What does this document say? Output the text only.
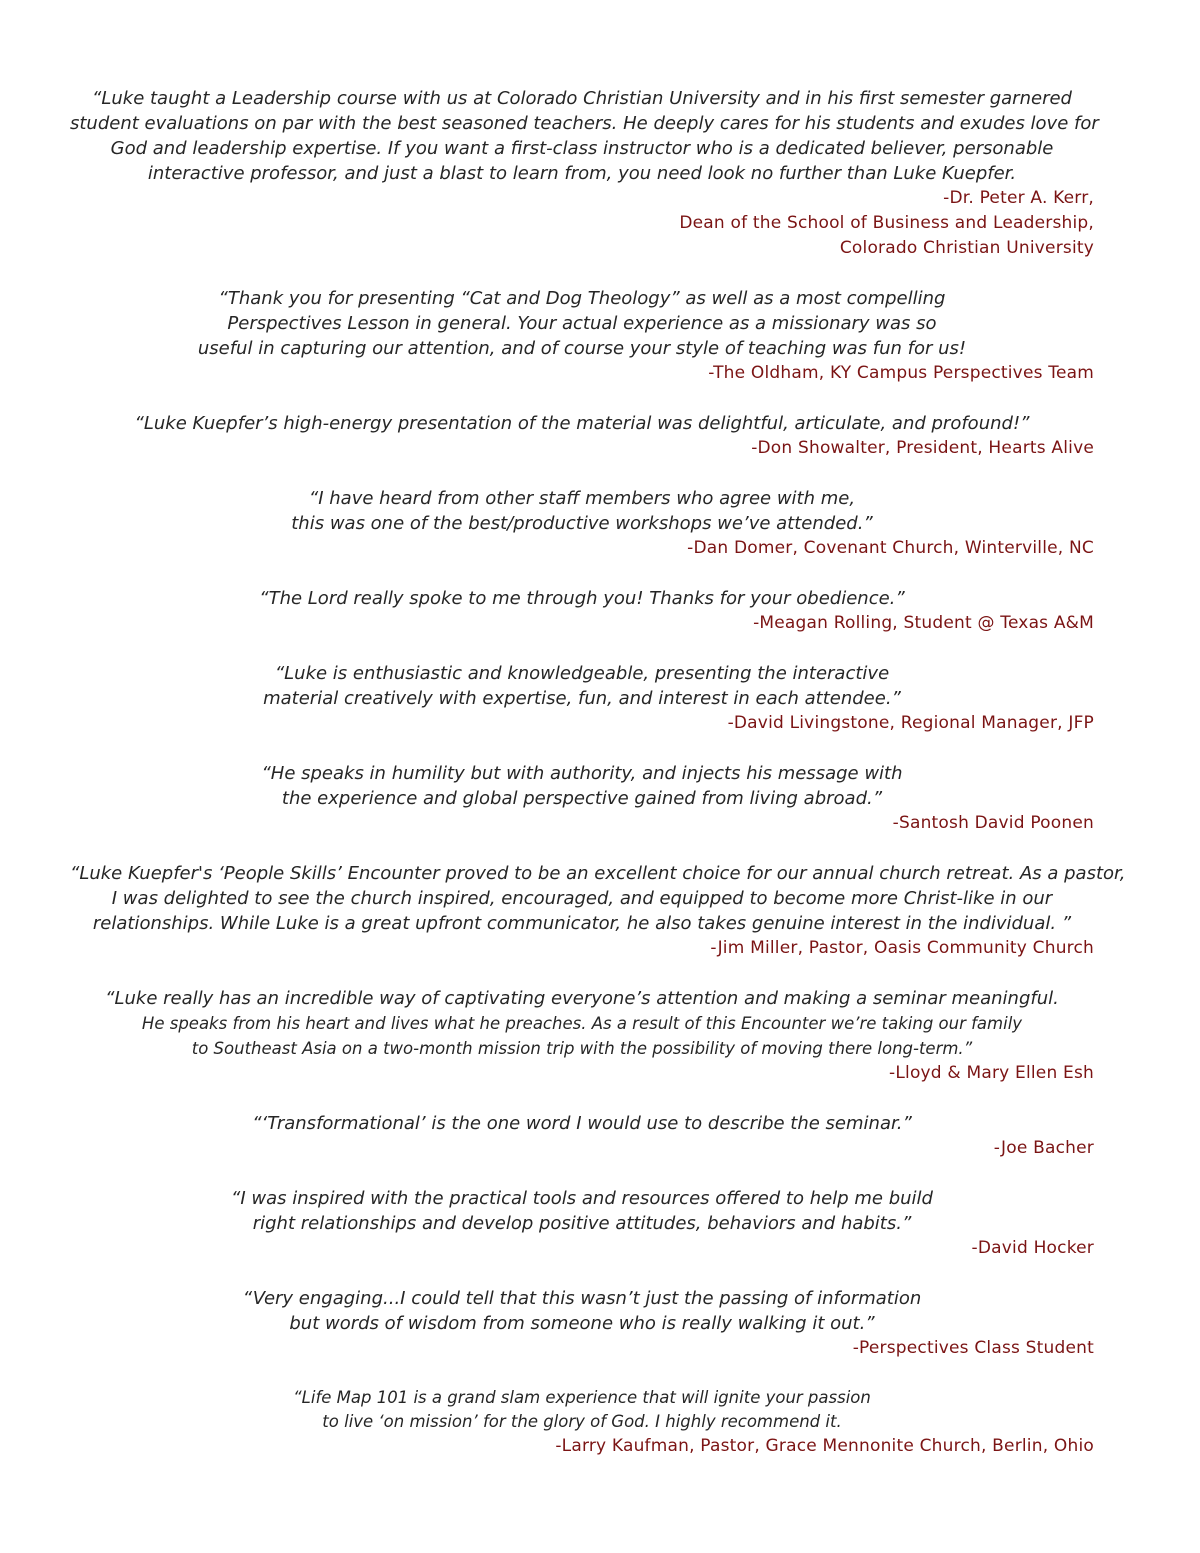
“Luke taught a Leadership course with us at Colorado Christian University and in his first semester garnered
student evaluations on par with the best seasoned teachers. He deeply cares for his students and exudes love for
God and leadership expertise. If you want a first-class instructor who is a dedicated believer, personable
interactive professor, and just a blast to learn from, you need look no further than Luke Kuepfer.
-Dr. Peter A. Kerr,
Dean of the School of Business and Leadership,
Colorado Christian University
“Thank you for presenting “Cat and Dog Theology” as well as a most compelling
Perspectives Lesson in general. Your actual experience as a missionary was so
useful in capturing our attention, and of course your style of teaching was fun for us!
-The Oldham, KY Campus Perspectives Team
“Luke Kuepfer’s high-energy presentation of the material was delightful, articulate, and profound!”
-Don Showalter, President, Hearts Alive
“I have heard from other staff members who agree with me,
this was one of the best/productive workshops we’ve attended.”
-Dan Domer, Covenant Church, Winterville, NC
“The Lord really spoke to me through you! Thanks for your obedience.”
-Meagan Rolling, Student @ Texas A&M
“Luke is enthusiastic and knowledgeable, presenting the interactive
material creatively with expertise, fun, and interest in each attendee.”
-David Livingstone, Regional Manager, JFP
“He speaks in humility but with authority, and injects his message with
the experience and global perspective gained from living abroad.”
-Santosh David Poonen
“Luke Kuepfer's ‘People Skills’ Encounter proved to be an excellent choice for our annual church retreat. As a pastor,
I was delighted to see the church inspired, encouraged, and equipped to become more Christ-like in our
relationships. While Luke is a great upfront communicator, he also takes genuine interest in the individual. ”
-Jim Miller, Pastor, Oasis Community Church
“Luke really has an incredible way of captivating everyone’s attention and making a seminar meaningful.
He speaks from his heart and lives what he preaches. As a result of this Encounter we’re taking our family
to Southeast Asia on a two-month mission trip with the possibility of moving there long-term.”
-Lloyd & Mary Ellen Esh
“‘Transformational’ is the one word I would use to describe the seminar.”
-Joe Bacher
“I was inspired with the practical tools and resources offered to help me build
right relationships and develop positive attitudes, behaviors and habits.”
-David Hocker
“Very engaging...I could tell that this wasn’t just the passing of information
but words of wisdom from someone who is really walking it out.”
-Perspectives Class Student
“Life Map 101 is a grand slam experience that will ignite your passion
to live ‘on mission’ for the glory of God. I highly recommend it.
-Larry Kaufman, Pastor, Grace Mennonite Church, Berlin, Ohio
